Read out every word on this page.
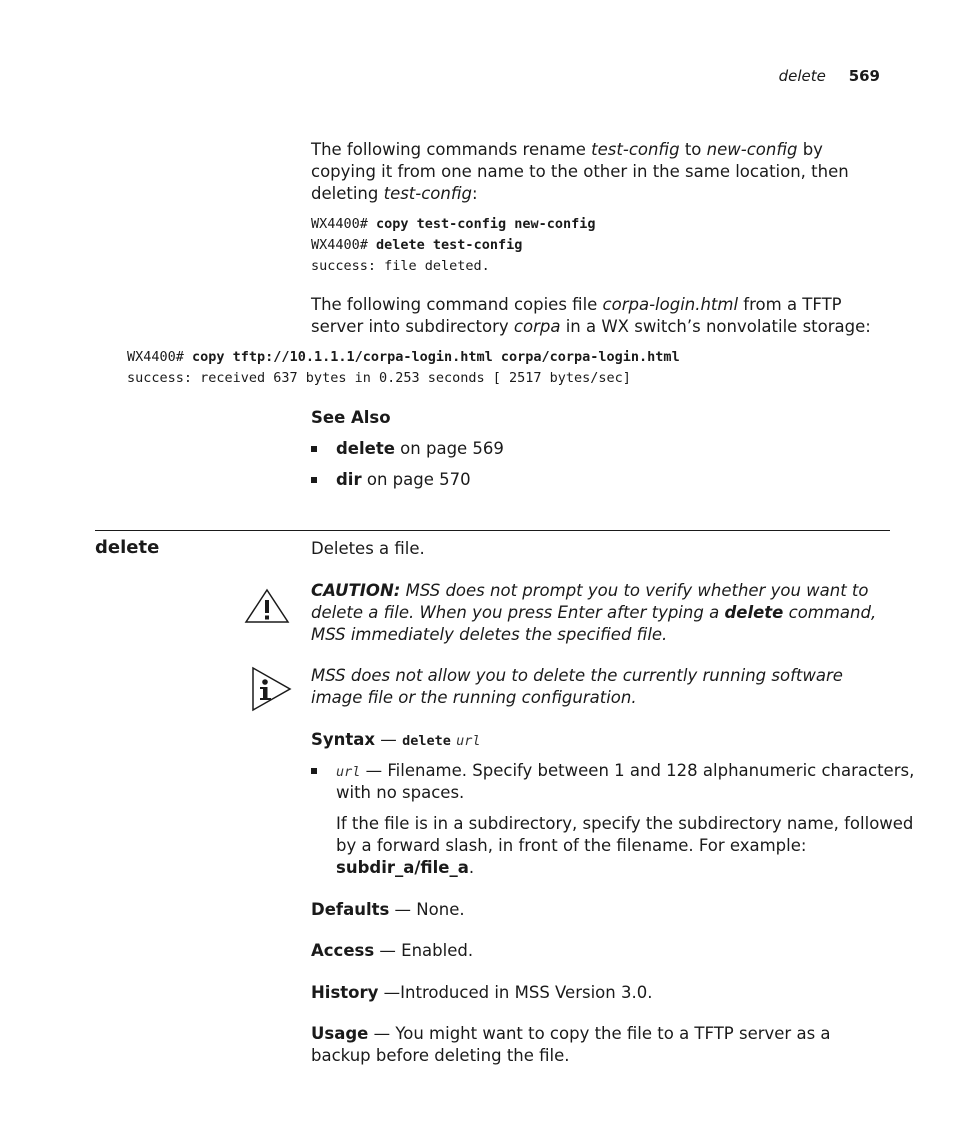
delete 569
The following commands rename test-config to new-config by copying it from one name to the other in the same location, then deleting test-config:
WX4400# copy test-config new-config
WX4400# delete test-config
success: file deleted.
The following command copies file corpa-login.html from a TFTP server into subdirectory corpa in a WX switch’s nonvolatile storage:
WX4400# copy tftp://10.1.1.1/corpa-login.html corpa/corpa-login.html
success: received 637 bytes in 0.253 seconds [ 2517 bytes/sec]
See Also
delete on page 569
dir on page 570
delete	Deletes a file.
CAUTION: MSS does not prompt you to verify whether you want to delete a file. When you press Enter after typing a delete command, MSS immediately deletes the specified file.
MSS does not allow you to delete the currently running software image file or the running configuration.
Syntax — delete url
url — Filename. Specify between 1 and 128 alphanumeric characters,
with no spaces.
If the file is in a subdirectory, specify the subdirectory name, followed
by a forward slash, in front of the filename. For example:
subdir_a/file_a.
Defaults — None.
Access — Enabled.
History —Introduced in MSS Version 3.0.
Usage — You might want to copy the file to a TFTP server as a backup before deleting the file.
